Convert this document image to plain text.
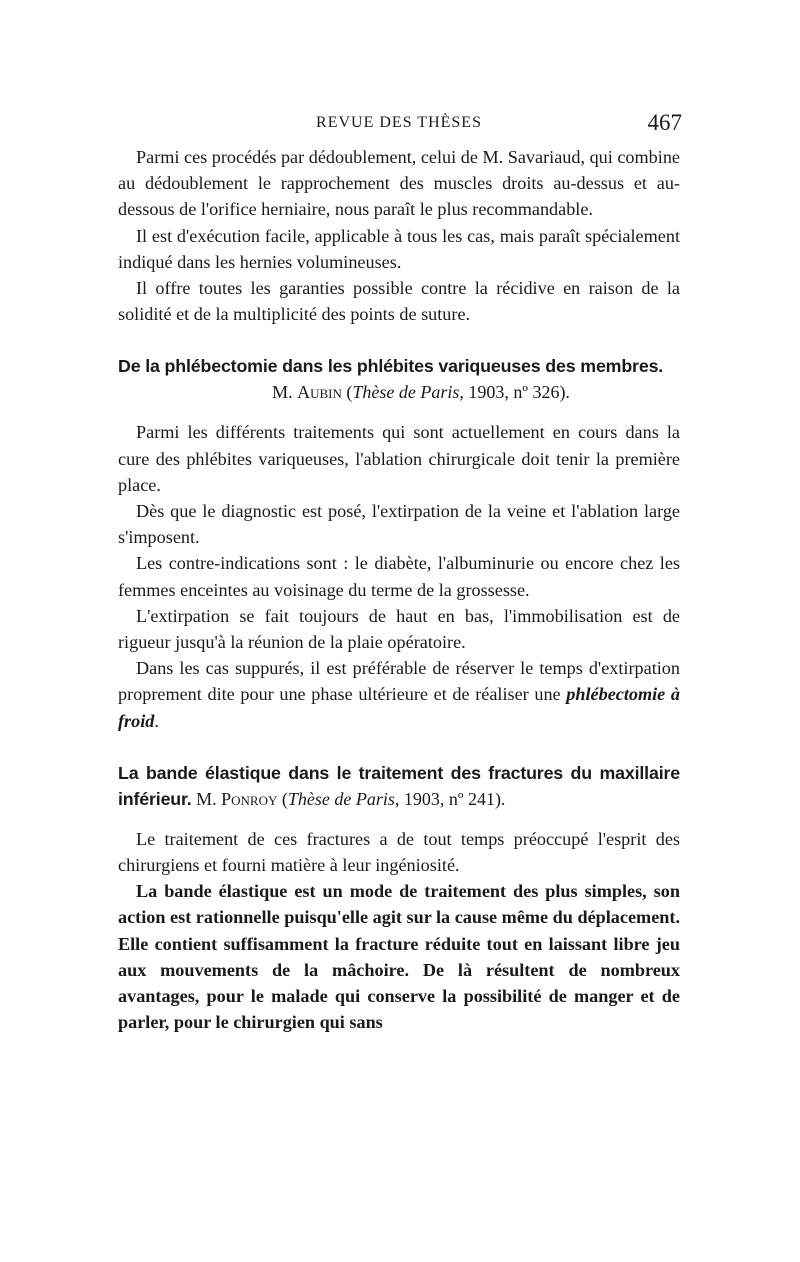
REVUE DES THÈSES	467

Parmi ces procédés par dédoublement, celui de M. Savariaud, qui combine au dédoublement le rapprochement des muscles droits au-dessus et au-dessous de l'orifice herniaire, nous paraît le plus recommandable.

Il est d'exécution facile, applicable à tous les cas, mais paraît spécialement indiqué dans les hernies volumineuses.

Il offre toutes les garanties possible contre la récidive en raison de la solidité et de la multiplicité des points de suture.

De la phlébectomie dans les phlébites variqueuses des membres.
M. Aubin (Thèse de Paris, 1903, nº 326).

Parmi les différents traitements qui sont actuellement en cours dans la cure des phlébites variqueuses, l'ablation chirurgicale doit tenir la première place.

Dès que le diagnostic est posé, l'extirpation de la veine et l'ablation large s'imposent.

Les contre-indications sont : le diabète, l'albuminurie ou encore chez les femmes enceintes au voisinage du terme de la grossesse.

L'extirpation se fait toujours de haut en bas, l'immobilisation est de rigueur jusqu'à la réunion de la plaie opératoire.

Dans les cas suppurés, il est préférable de réserver le temps d'extirpation proprement dite pour une phase ultérieure et de réaliser une phlébectomie à froid.

La bande élastique dans le traitement des fractures du maxillaire inférieur. M. Ponroy (Thèse de Paris, 1903, nº 241).

Le traitement de ces fractures a de tout temps préoccupé l'esprit des chirurgiens et fourni matière à leur ingéniosité.

La bande élastique est un mode de traitement des plus simples, son action est rationnelle puisqu'elle agit sur la cause même du déplacement. Elle contient suffisamment la fracture réduite tout en laissant libre jeu aux mouvements de la mâchoire. De là résultent de nombreux avantages, pour le malade qui conserve la possibilité de manger et de parler, pour le chirurgien qui sans
